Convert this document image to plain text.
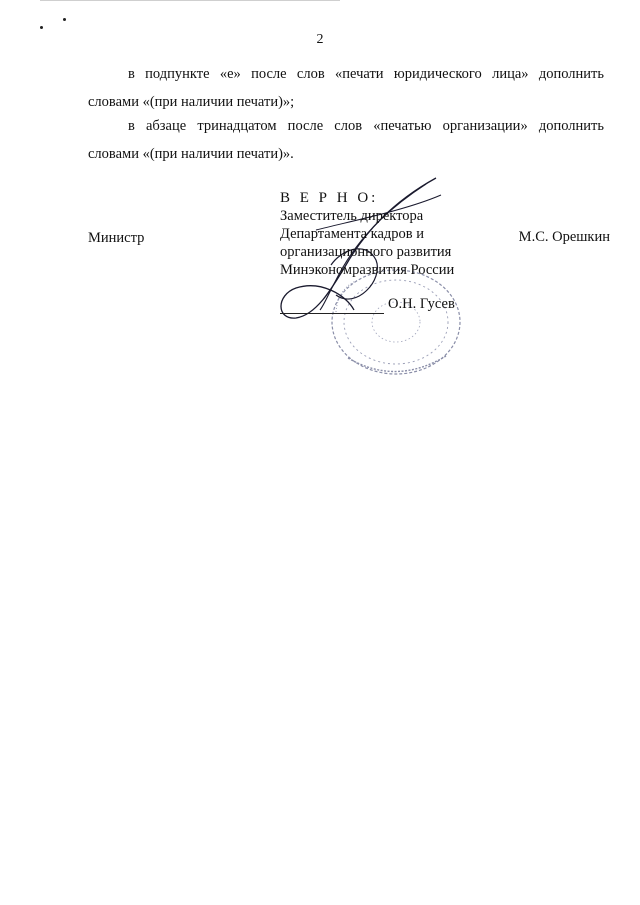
2

в подпункте «е» после слов «печати юридического лица» дополнить словами «(при наличии печати)»;

в абзаце тринадцатом после слов «печатью организации» дополнить словами «(при наличии печати)».

В Е Р Н О:
Заместитель директора
Департамента кадров и
организационного развития
Минэкономразвития России
О.Н. Гусев
Министр	М.С. Орешкин
